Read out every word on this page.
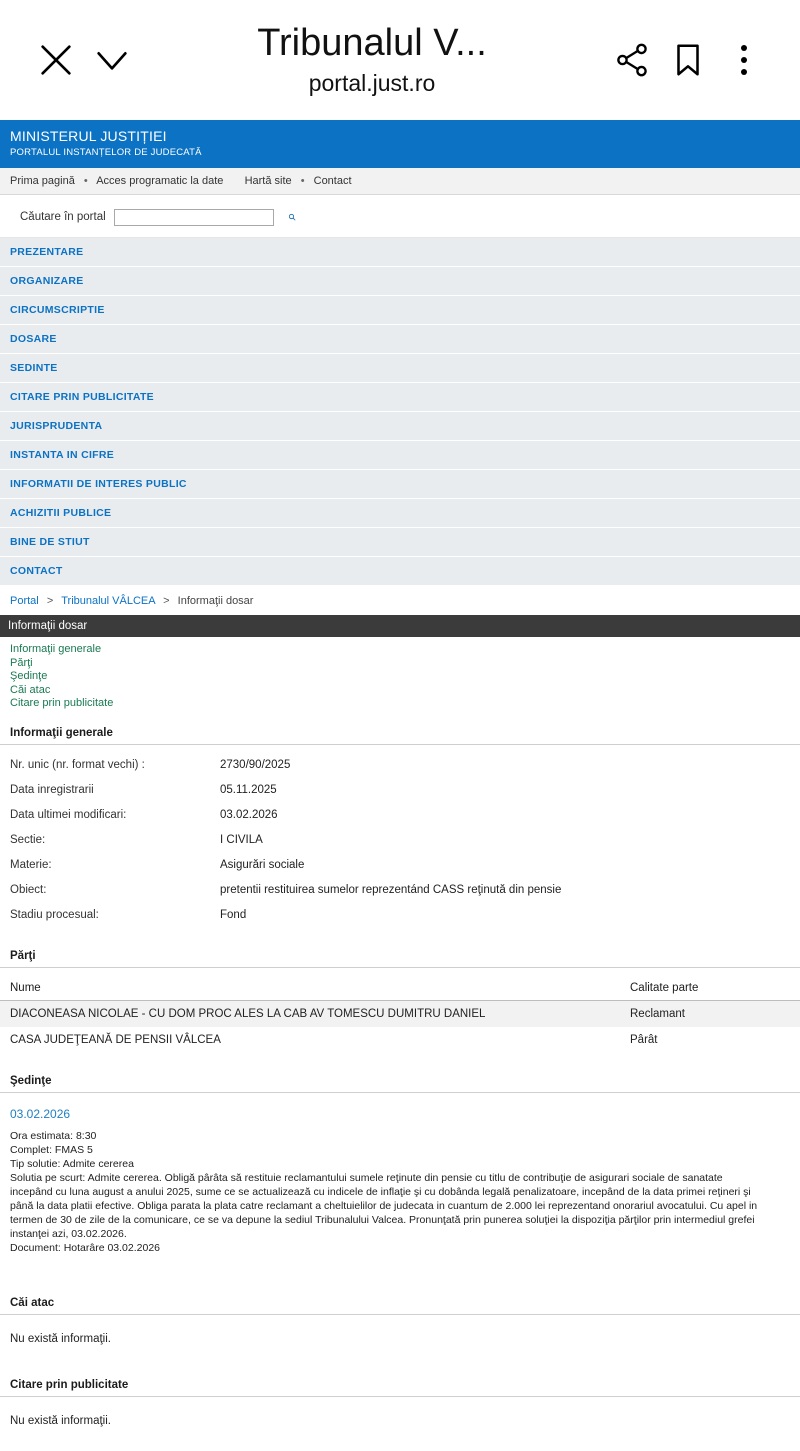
Tribunalul V...
portal.just.ro
MINISTERUL JUSTIȚIEI
PORTALUL INSTANȚELOR DE JUDECATĂ
Prima pagină • Acces programatic la date Hartă site • Contact
Căutare în portal
PREZENTARE
ORGANIZARE
CIRCUMSCRIPTIE
DOSARE
SEDINTE
CITARE PRIN PUBLICITATE
JURISPRUDENTA
INSTANTA IN CIFRE
INFORMATII DE INTERES PUBLIC
ACHIZITII PUBLICE
BINE DE STIUT
CONTACT
Portal  >  Tribunalul VÂLCEA  >  Informaţii dosar
Informaţii dosar
Informaţii generale
Părţi
Şedinţe
Căi atac
Citare prin publicitate
Informaţii generale
Nr. unic (nr. format vechi) :	2730/90/2025
Data inregistrarii	05.11.2025
Data ultimei modificari:	03.02.2026
Sectie:	I CIVILA
Materie:	Asigurări sociale
Obiect:	pretentii restituirea sumelor reprezentánd CASS reţinută din pensie
Stadiu procesual:	Fond
Părţi
Nume	Calitate parte
DIACONEASA NICOLAE - CU DOM PROC ALES LA CAB AV TOMESCU DUMITRU DANIEL	Reclamant
CASA JUDEŢEANĂ DE PENSII VÂLCEA	Pârât
Şedinţe
03.02.2026
Ora estimata: 8:30
Complet: FMAS 5
Tip solutie: Admite cererea
Solutia pe scurt: Admite cererea. Obligă pârâta să restituie reclamantului sumele reţinute din pensie cu titlu de contribuţie de asigurari sociale de sanatate
incepând cu luna august a anului 2025, sume ce se actualizează cu indicele de inflaţie şi cu dobânda legală penalizatoare, incepând de la data primei reţineri şi
până la data platii efective. Obliga parata la plata catre reclamant a cheltuielilor de judecata in cuantum de 2.000 lei reprezentand onorariul avocatului. Cu apel in
termen de 30 de zile de la comunicare, ce se va depune la sediul Tribunalului Valcea. Pronunţată prin punerea soluţiei la dispoziţia părţilor prin intermediul grefei
instanţei azi, 03.02.2026.
Document: Hotarâre 03.02.2026
Căi atac
Nu există informaţii.
Citare prin publicitate
Nu există informaţii.
